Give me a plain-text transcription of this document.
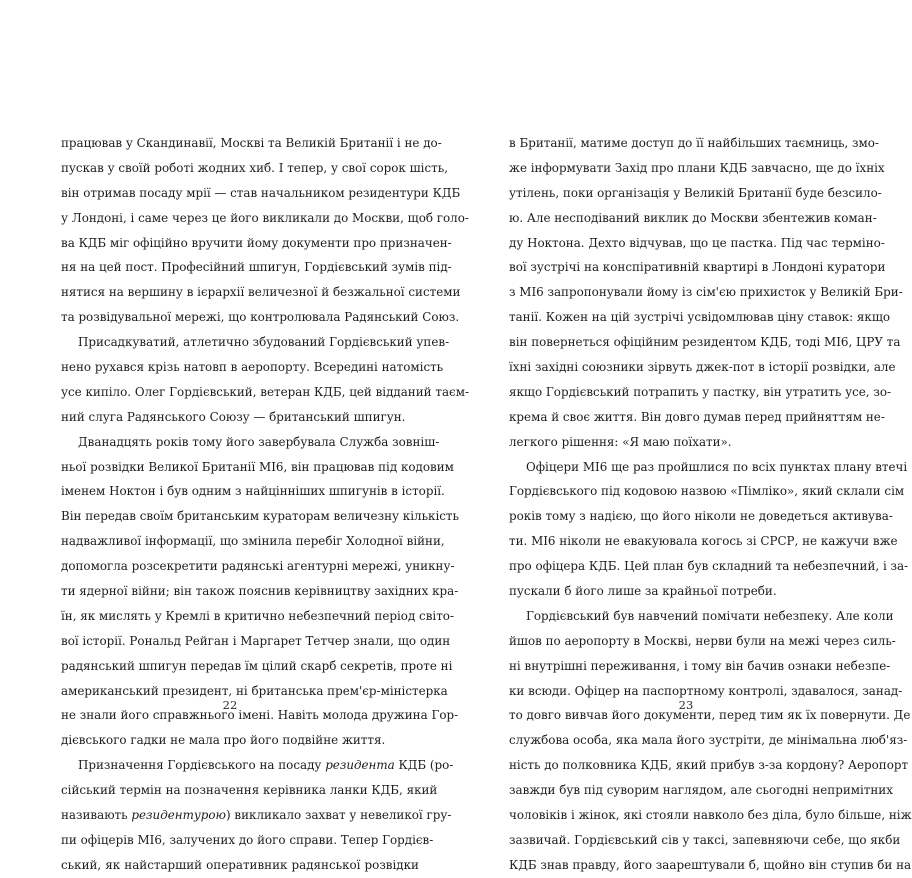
працював у Скандинавії, Москві та Великій Британії і не до-
пускав у своїй роботі жодних хиб. І тепер, у свої сорок шість,
він отримав посаду мрії — став начальником резидентури КДБ
у Лондоні, і саме через це його викликали до Москви, щоб голо-
ва КДБ міг офіційно вручити йому документи про призначен-
ня на цей пост. Професійний шпигун, Гордієвський зумів під-
нятися на вершину в ієрархії величезної й безжальної системи
та розвідувальної мережі, що контролювала Радянський Союз.
Присадкуватий, атлетично збудований Гордієвський упев-
нено рухався крізь натовп в аеропорту. Всередині натомість
усе кипіло. Олег Гордієвський, ветеран КДБ, цей відданий таєм-
ний слуга Радянського Союзу — британський шпигун.
Дванадцять років тому його завербувала Служба зовніш-
ньої розвідки Великої Британії МІ6, він працював під кодовим
іменем Ноктон і був одним з найцінніших шпигунів в історії.
Він передав своїм британським кураторам величезну кількість
надважливої інформації, що змінила перебіг Холодної війни,
допомогла розсекретити радянські агентурні мережі, уникну-
ти ядерної війни; він також пояснив керівництву західних кра-
їн, як мислять у Кремлі в критично небезпечний період світо-
вої історії. Рональд Рейган і Маргарет Тетчер знали, що один
радянський шпигун передав їм цілий скарб секретів, проте ні
американський президент, ні британська прем'єр-міністерка
не знали його справжнього імені. Навіть молода дружина Гор-
дієвського гадки не мала про його подвійне життя.
Призначення Гордієвського на посаду резидента КДБ (ро-
сійський термін на позначення керівника ланки КДБ, який
називають резидентурою) викликало захват у невеликої гру-
пи офіцерів МІ6, залучених до його справи. Тепер Гордієв-
ський, як найстарший оперативник радянської розвідки
в Британії, матиме доступ до її найбільших таємниць, змо-
же інформувати Захід про плани КДБ завчасно, ще до їхніх
утілень, поки організація у Великій Британії буде безсило-
ю. Але несподіваний виклик до Москви збентежив коман-
ду Ноктона. Дехто відчував, що це пастка. Під час терміно-
вої зустрічі на конспіративній квартирі в Лондоні куратори
з МІ6 запропонували йому із сім'єю прихисток у Великій Бри-
танії. Кожен на цій зустрічі усвідомлював ціну ставок: якщо
він повернеться офіційним резидентом КДБ, тоді МІ6, ЦРУ та
їхні західні союзники зірвуть джек-пот в історії розвідки, але
якщо Гордієвський потрапить у пастку, він утратить усе, зо-
крема й своє життя. Він довго думав перед прийняттям не-
легкого рішення: «Я маю поїхати».
Офіцери МІ6 ще раз пройшлися по всіх пунктах плану втечі
Гордієвського під кодовою назвою «Пімліко», який склали сім
років тому з надією, що його ніколи не доведеться активува-
ти. МІ6 ніколи не евакуювала когось зі СРСР, не кажучи вже
про офіцера КДБ. Цей план був складний та небезпечний, і за-
пускали б його лише за крайньої потреби.
Гордієвський був навчений помічати небезпеку. Але коли
йшов по аеропорту в Москві, нерви були на межі через силь-
ні внутрішні переживання, і тому він бачив ознаки небезпе-
ки всюди. Офіцер на паспортному контролі, здавалося, занад-
то довго вивчав його документи, перед тим як їх повернути. Де
службова особа, яка мала його зустріти, де мінімальна люб'яз-
ність до полковника КДБ, який прибув з-за кордону? Аеропорт
завжди був під суворим наглядом, але сьогодні непримітних
чоловіків і жінок, які стояли навколо без діла, було більше, ніж
зазвичай. Гордієвський сів у таксі, запевняючи себе, що якби
КДБ знав правду, його заарештували б, щойно він ступив би на
22	23
